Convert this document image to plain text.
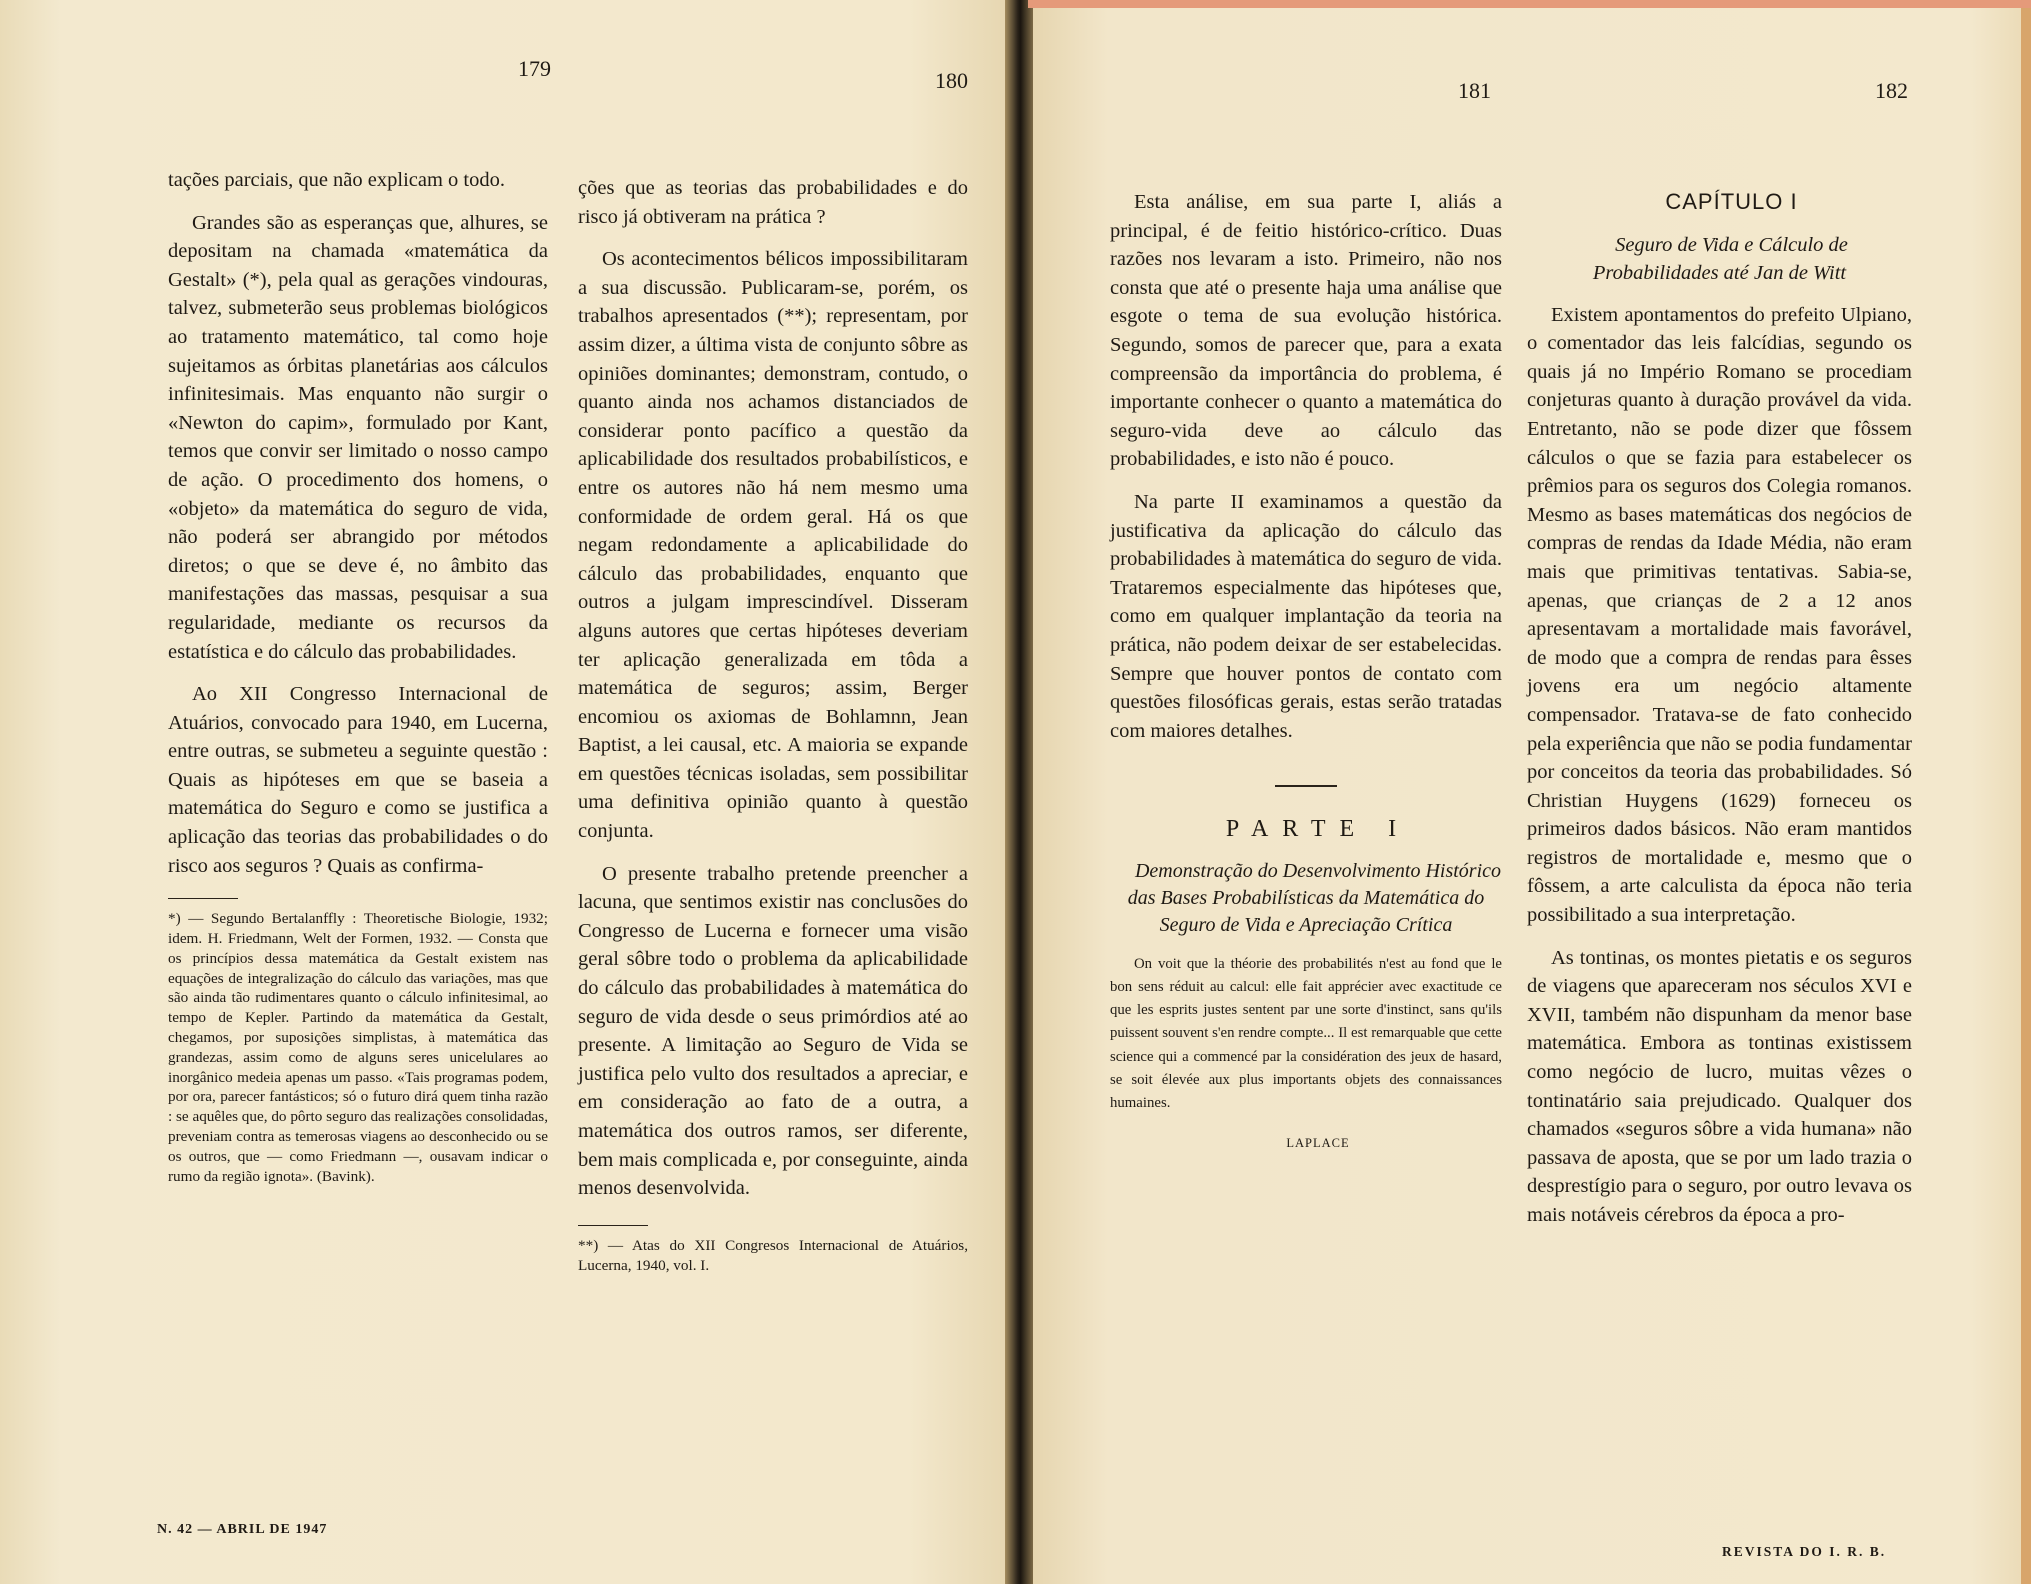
179

tações parciais, que não explicam o todo.

Grandes são as esperanças que, alhures, se depositam na chamada «matemática da Gestalt» (*), pela qual as gerações vindouras, talvez, submeterão seus problemas biológicos ao tratamento matemático, tal como hoje sujeitamos as órbitas planetárias aos cálculos infinitesimais. Mas enquanto não surgir o «Newton do capim», formulado por Kant, temos que convir ser limitado o nosso campo de ação. O procedimento dos homens, o «objeto» da matemática do seguro de vida, não poderá ser abrangido por métodos diretos; o que se deve é, no âmbito das manifestações das massas, pesquisar a sua regularidade, mediante os recursos da estatística e do cálculo das probabilidades.

Ao XII Congresso Internacional de Atuários, convocado para 1940, em Lucerna, entre outras, se submeteu a seguinte questão : Quais as hipóteses em que se baseia a matemática do Seguro e como se justifica a aplicação das teorias das probabilidades o do risco aos seguros ? Quais as confirma-

*) — Segundo Bertalanffly : Theoretische Biologie, 1932; idem. H. Friedmann, Welt der Formen, 1932. — Consta que os princípios dessa matemática da Gestalt existem nas equações de integralização do cálculo das variações, mas que são ainda tão rudimentares quanto o cálculo infinitesimal, ao tempo de Kepler. Partindo da matemática da Gestalt, chegamos, por suposições simplistas, à matemática das grandezas, assim como de alguns seres unicelulares ao inorgânico medeia apenas um passo. «Tais programas podem, por ora, parecer fantásticos; só o futuro dirá quem tinha razão : se aquêles que, do pôrto seguro das realizações consolidadas, preveniam contra as temerosas viagens ao desconhecido ou se os outros, que — como Friedmann —, ousavam indicar o rumo da região ignota». (Bavink).
N. 42 — ABRIL DE 1947
180

ções que as teorias das probabilidades e do risco já obtiveram na prática ?

Os acontecimentos bélicos impossibilitaram a sua discussão. Publicaram-se, porém, os trabalhos apresentados (**); representam, por assim dizer, a última vista de conjunto sôbre as opiniões dominantes; demonstram, contudo, o quanto ainda nos achamos distanciados de considerar ponto pacífico a questão da aplicabilidade dos resultados probabilísticos, e entre os autores não há nem mesmo uma conformidade de ordem geral. Há os que negam redondamente a aplicabilidade do cálculo das probabilidades, enquanto que outros a julgam imprescindível. Disseram alguns autores que certas hipóteses deveriam ter aplicação generalizada em tôda a matemática de seguros; assim, Berger encomiou os axiomas de Bohlamnn, Jean Baptist, a lei causal, etc. A maioria se expande em questões técnicas isoladas, sem possibilitar uma definitiva opinião quanto à questão conjunta.

O presente trabalho pretende preencher a lacuna, que sentimos existir nas conclusões do Congresso de Lucerna e fornecer uma visão geral sôbre todo o problema da aplicabilidade do cálculo das probabilidades à matemática do seguro de vida desde o seus primórdios até ao presente. A limitação ao Seguro de Vida se justifica pelo vulto dos resultados a apreciar, e em consideração ao fato de a outra, a matemática dos outros ramos, ser diferente, bem mais complicada e, por conseguinte, ainda menos desenvolvida.

**) — Atas do XII Congresos Internacional de Atuários, Lucerna, 1940, vol. I.
181

Esta análise, em sua parte I, aliás a principal, é de feitio histórico-crítico. Duas razões nos levaram a isto. Primeiro, não nos consta que até o presente haja uma análise que esgote o tema de sua evolução histórica. Segundo, somos de parecer que, para a exata compreensão da importância do problema, é importante conhecer o quanto a matemática do seguro-vida deve ao cálculo das probabilidades, e isto não é pouco.

Na parte II examinamos a questão da justificativa da aplicação do cálculo das probabilidades à matemática do seguro de vida. Trataremos especialmente das hipóteses que, como em qualquer implantação da teoria na prática, não podem deixar de ser estabelecidas. Sempre que houver pontos de contato com questões filosóficas gerais, estas serão tratadas com maiores detalhes.

PARTE I

Demonstração do Desenvolvimento Histórico das Bases Probabilísticas da Matemática do Seguro de Vida e Apreciação Crítica

On voit que la théorie des probabilités n'est au fond que le bon sens réduit au calcul: elle fait apprécier avec exactitude ce que les esprits justes sentent par une sorte d'instinct, sans qu'ils puissent souvent s'en rendre compte... Il est remarquable que cette science qui a commencé par la considération des jeux de hasard, se soit élevée aux plus importants objets des connaissances humaines.

LAPLACE

182

CAPÍTULO I

Seguro de Vida e Cálculo de Probabilidades até Jan de Witt

Existem apontamentos do prefeito Ulpiano, o comentador das leis falcídias, segundo os quais já no Império Romano se procediam conjeturas quanto à duração provável da vida. Entretanto, não se pode dizer que fôssem cálculos o que se fazia para estabelecer os prêmios para os seguros dos Colegia romanos. Mesmo as bases matemáticas dos negócios de compras de rendas da Idade Média, não eram mais que primitivas tentativas. Sabia-se, apenas, que crianças de 2 a 12 anos apresentavam a mortalidade mais favorável, de modo que a compra de rendas para êsses jovens era um negócio altamente compensador. Tratava-se de fato conhecido pela experiência que não se podia fundamentar por conceitos da teoria das probabilidades. Só Christian Huygens (1629) forneceu os primeiros dados básicos. Não eram mantidos registros de mortalidade e, mesmo que o fôssem, a arte calculista da época não teria possibilitado a sua interpretação.

As tontinas, os montes pietatis e os seguros de viagens que apareceram nos séculos XVI e XVII, também não dispunham da menor base matemática. Embora as tontinas existissem como negócio de lucro, muitas vêzes o tontinatário saia prejudicado. Qualquer dos chamados «seguros sôbre a vida humana» não passava de aposta, que se por um lado trazia o desprestígio para o seguro, por outro levava os mais notáveis cérebros da época a pro-

REVISTA DO I. R. B.
